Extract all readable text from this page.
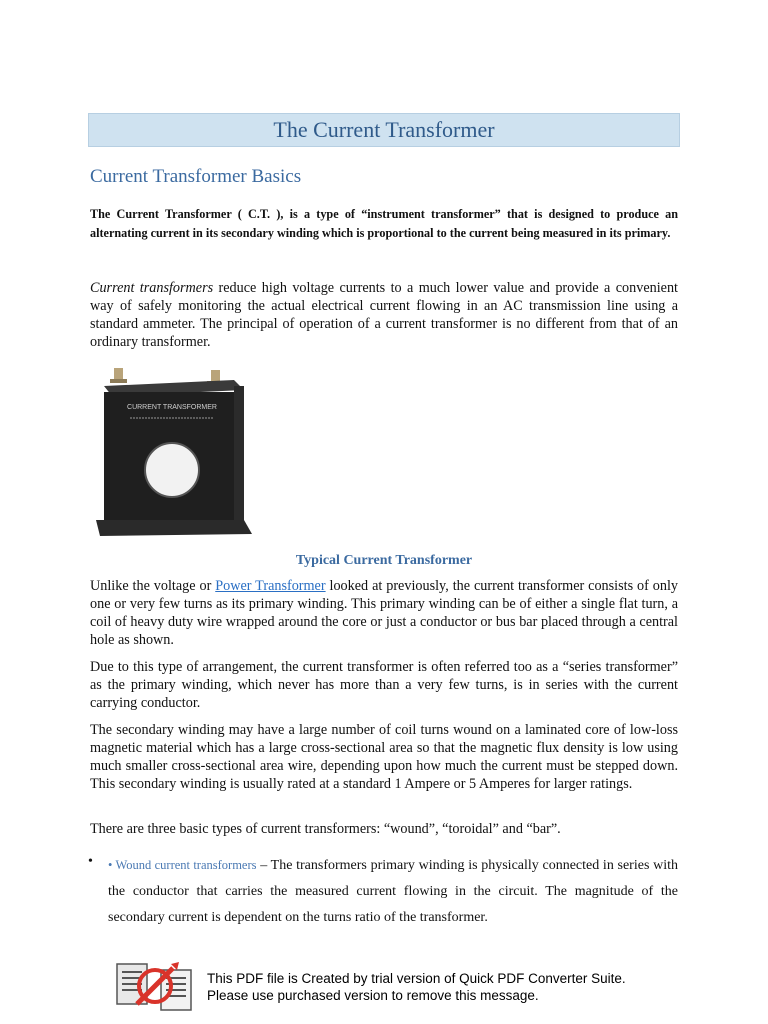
The Current Transformer
Current Transformer Basics
The Current Transformer ( C.T. ), is a type of “instrument transformer” that is designed to produce an alternating current in its secondary winding which is proportional to the current being measured in its primary.
Current transformers reduce high voltage currents to a much lower value and provide a convenient way of safely monitoring the actual electrical current flowing in an AC transmission line using a standard ammeter. The principal of operation of a current transformer is no different from that of an ordinary transformer.
CURRENT TRANSFORMER
Typical Current Transformer
Unlike the voltage or Power Transformer looked at previously, the current transformer consists of only one or very few turns as its primary winding. This primary winding can be of either a single flat turn, a coil of heavy duty wire wrapped around the core or just a conductor or bus bar placed through a central hole as shown.
Due to this type of arrangement, the current transformer is often referred too as a “series transformer” as the primary winding, which never has more than a very few turns, is in series with the current carrying conductor.
The secondary winding may have a large number of coil turns wound on a laminated core of low-loss magnetic material which has a large cross-sectional area so that the magnetic flux density is low using much smaller cross-sectional area wire, depending upon how much the current must be stepped down. This secondary winding is usually rated at a standard 1 Ampere or 5 Amperes for larger ratings.
There are three basic types of current transformers: “wound”, “toroidal” and “bar”.
• • Wound current transformers – The transformers primary winding is physically connected in series with the conductor that carries the measured current flowing in the circuit. The magnitude of the secondary current is dependent on the turns ratio of the transformer.
This PDF file is Created by trial version of Quick PDF Converter Suite.
Please use purchased version to remove this message.
